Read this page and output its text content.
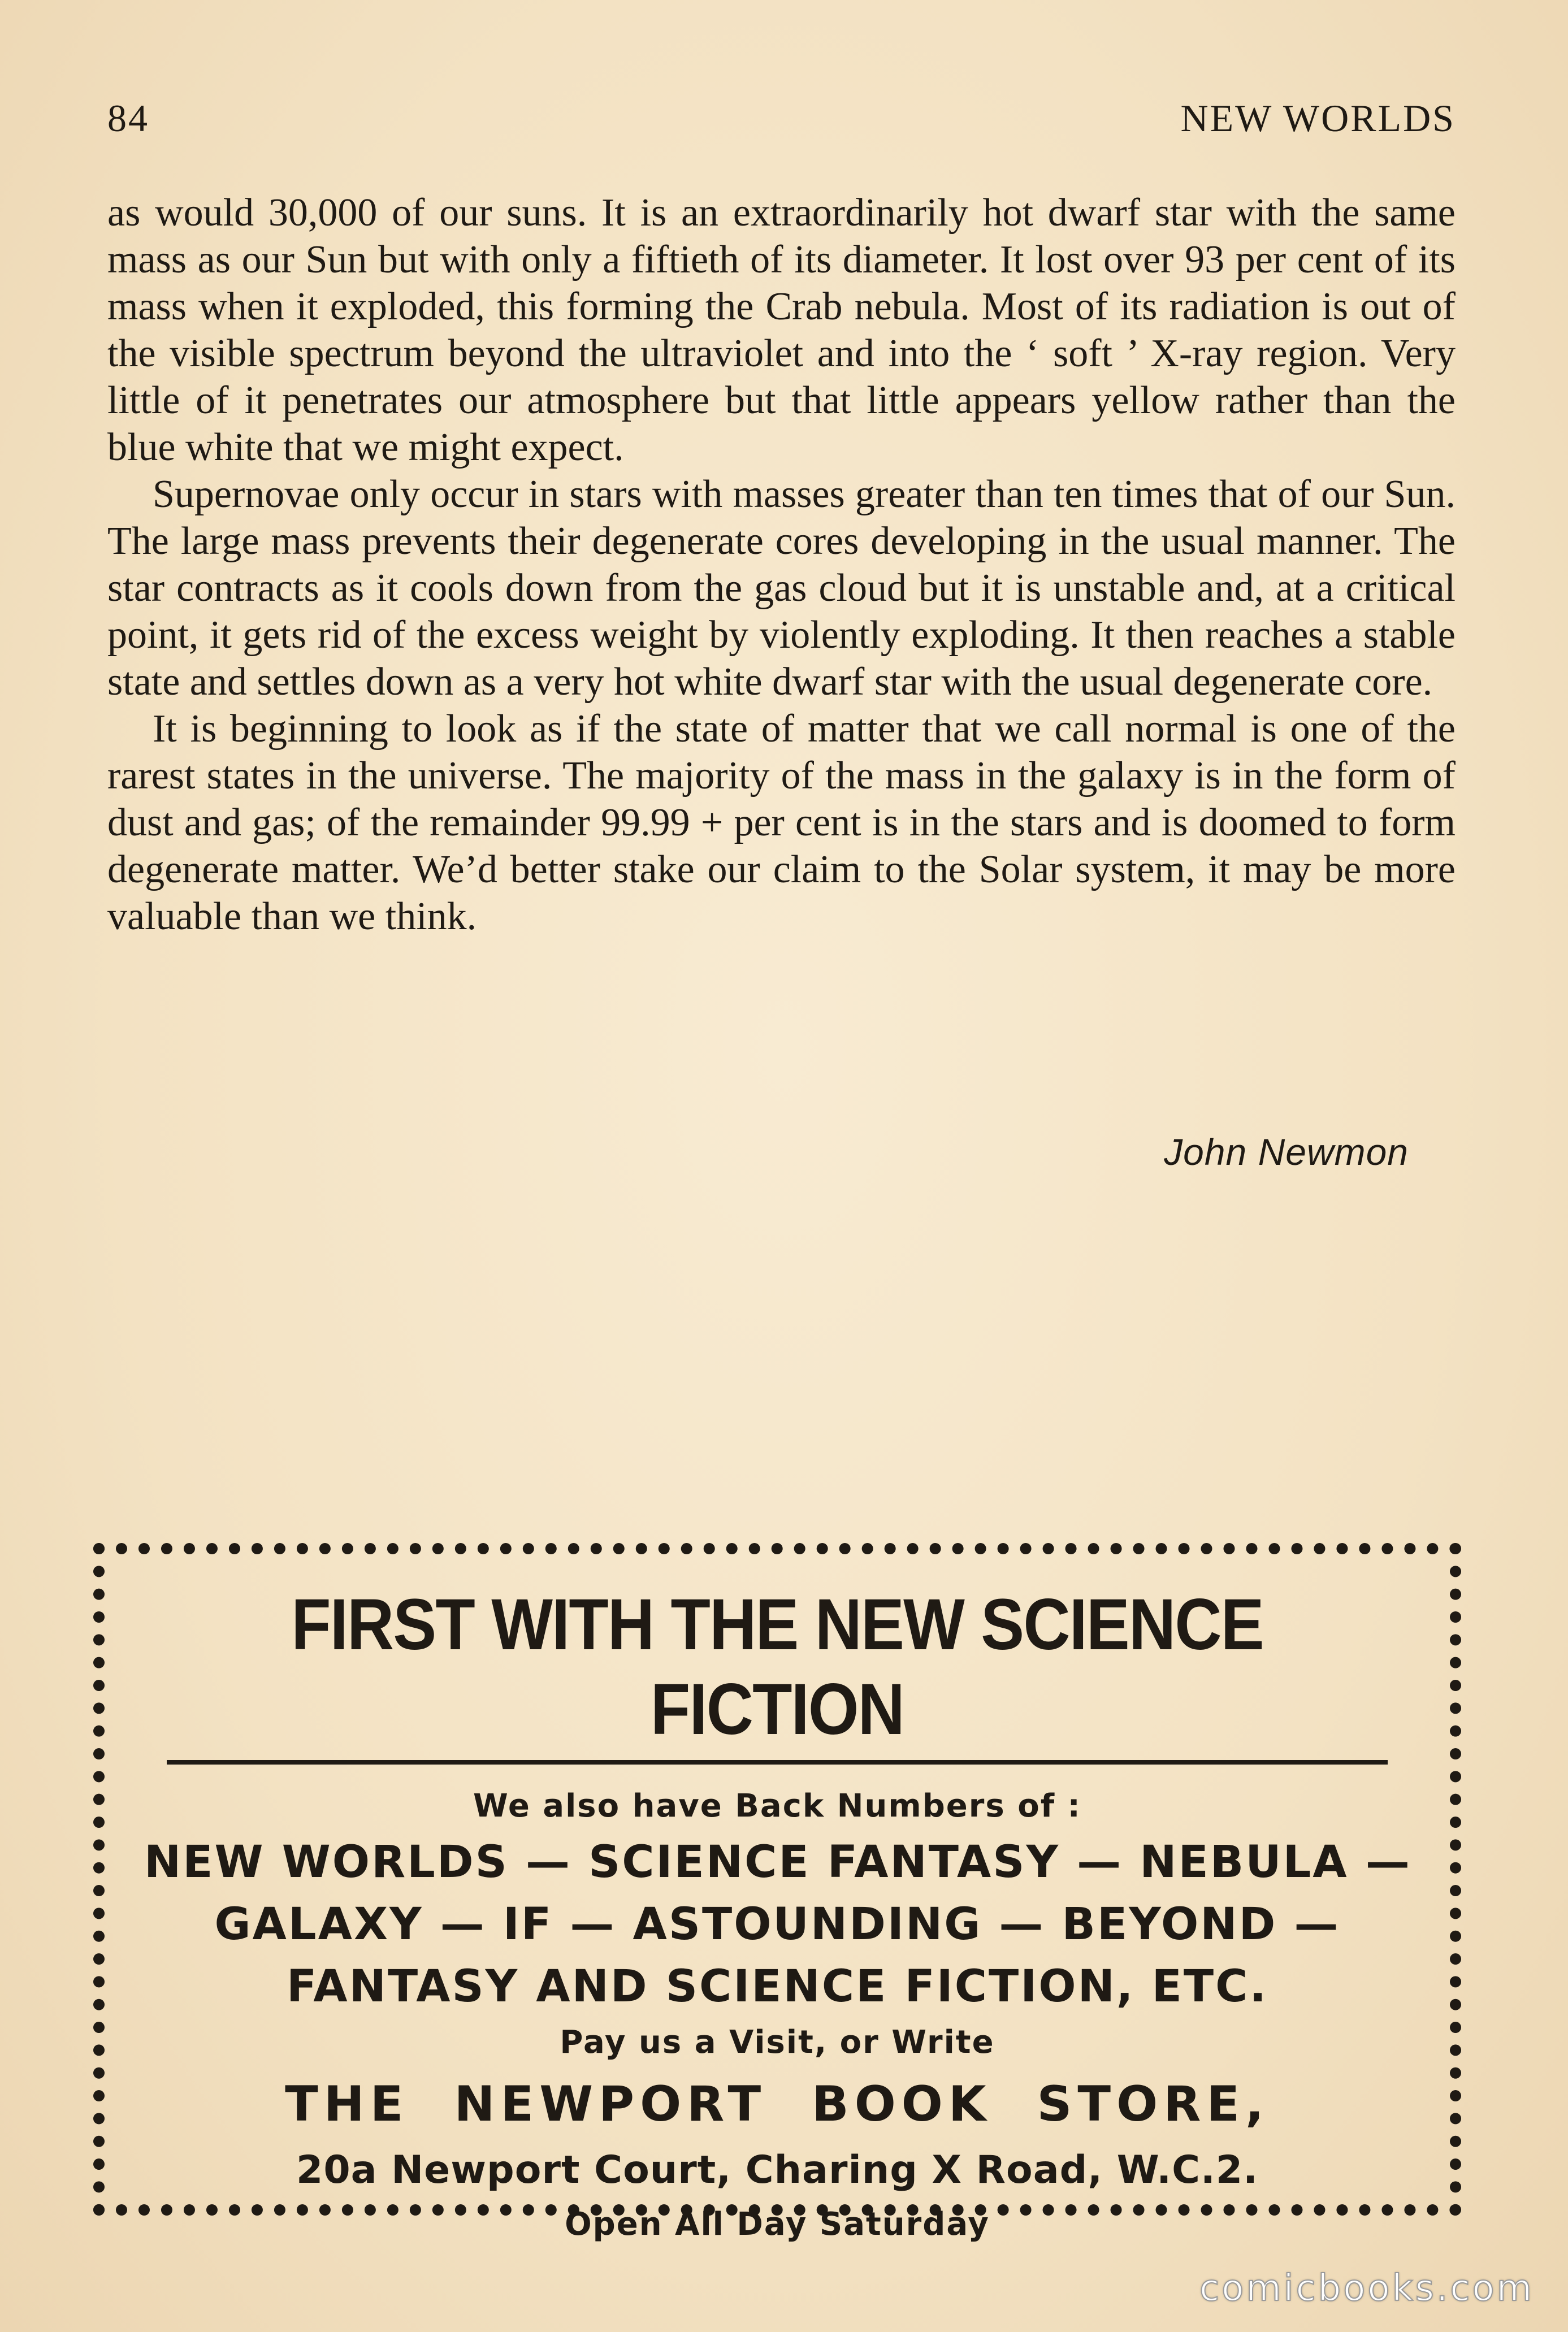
84	NEW WORLDS

as would 30,000 of our suns. It is an extraordinarily hot dwarf star with the same mass as our Sun but with only a fiftieth of its diameter. It lost over 93 per cent of its mass when it exploded, this forming the Crab nebula. Most of its radiation is out of the visible spectrum beyond the ultraviolet and into the ‘ soft ’ X-ray region. Very little of it penetrates our atmosphere but that little appears yellow rather than the blue white that we might expect.

Supernovae only occur in stars with masses greater than ten times that of our Sun. The large mass prevents their degenerate cores developing in the usual manner. The star contracts as it cools down from the gas cloud but it is unstable and, at a critical point, it gets rid of the excess weight by violently exploding. It then reaches a stable state and settles down as a very hot white dwarf star with the usual degenerate core.

It is beginning to look as if the state of matter that we call normal is one of the rarest states in the universe. The majority of the mass in the galaxy is in the form of dust and gas; of the remainder 99.99 + per cent is in the stars and is doomed to form degenerate matter. We’d better stake our claim to the Solar system, it may be more valuable than we think.

John Newmon
FIRST WITH THE NEW SCIENCE FICTION
We also have Back Numbers of :
NEW WORLDS — SCIENCE FANTASY — NEBULA —
GALAXY — IF — ASTOUNDING — BEYOND —
FANTASY AND SCIENCE FICTION, ETC.
Pay us a Visit, or Write
THE NEWPORT BOOK STORE,
20a Newport Court, Charing X Road, W.C.2.
Open All Day Saturday
comicbooks.com
